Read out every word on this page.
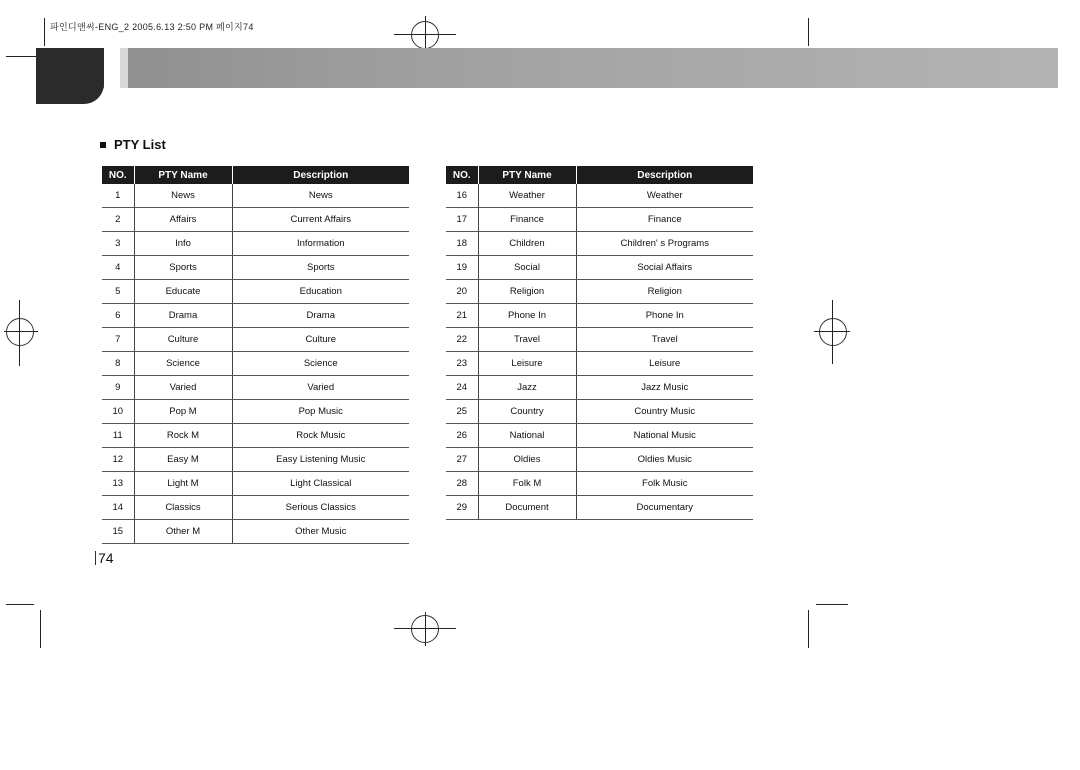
파인디앤씨-ENG_2 2005.6.13 2:50 PM 페이지74
PTY List
NO.	PTY Name	Description
1	News	News
2	Affairs	Current Affairs
3	Info	Information
4	Sports	Sports
5	Educate	Education
6	Drama	Drama
7	Culture	Culture
8	Science	Science
9	Varied	Varied
10	Pop M	Pop Music
11	Rock M	Rock Music
12	Easy M	Easy Listening Music
13	Light M	Light Classical
14	Classics	Serious Classics
15	Other M	Other Music
NO.	PTY Name	Description
16	Weather	Weather
17	Finance	Finance
18	Children	Children' s Programs
19	Social	Social Affairs
20	Religion	Religion
21	Phone In	Phone In
22	Travel	Travel
23	Leisure	Leisure
24	Jazz	Jazz Music
25	Country	Country Music
26	National	National Music
27	Oldies	Oldies Music
28	Folk M	Folk Music
29	Document	Documentary
74
